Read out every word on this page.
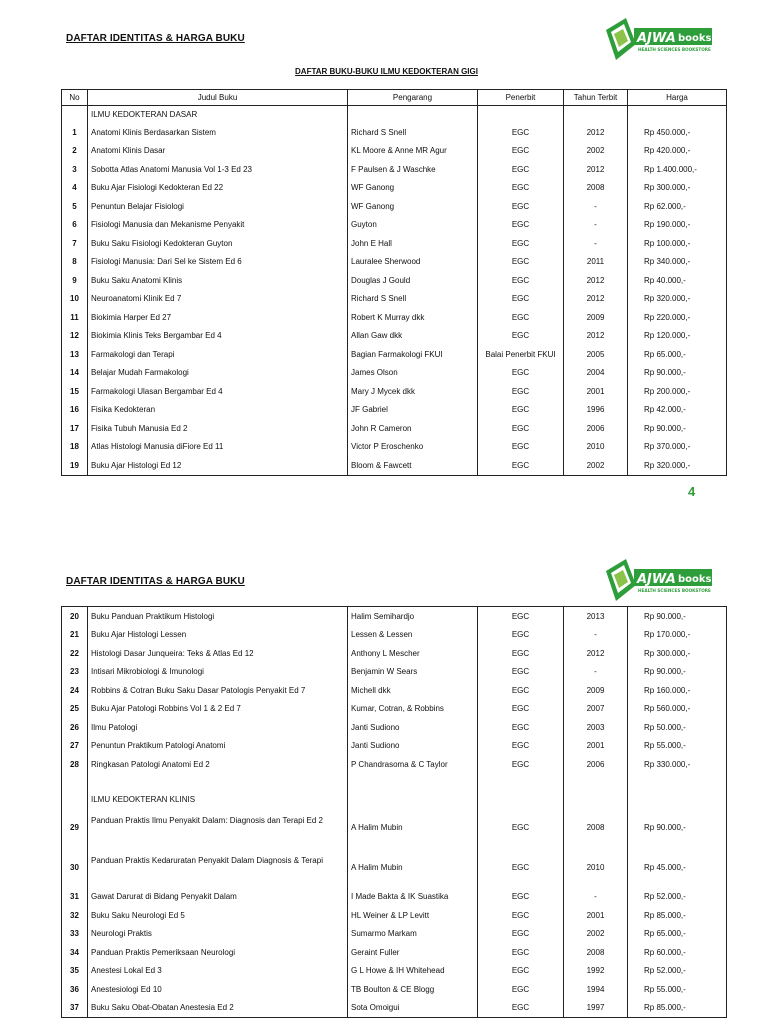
DAFTAR IDENTITAS & HARGA BUKU	AJWA books
HEALTH SCIENCES BOOKSTORE
DAFTAR BUKU-BUKU ILMU KEDOKTERAN GIGI
No	Judul Buku	Pengarang	Penerbit	Tahun Terbit	Harga
	ILMU KEDOKTERAN DASAR				
1	Anatomi Klinis Berdasarkan Sistem	Richard S Snell	EGC	2012	Rp 450.000,-
2	Anatomi Klinis Dasar	KL Moore & Anne MR Agur	EGC	2002	Rp 420.000,-
3	Sobotta Atlas Anatomi Manusia Vol 1-3 Ed 23	F Paulsen & J Waschke	EGC	2012	Rp 1.400.000,-
4	Buku Ajar Fisiologi Kedokteran Ed 22	WF Ganong	EGC	2008	Rp 300.000,-
5	Penuntun Belajar Fisiologi	WF Ganong	EGC	-	Rp 62.000,-
6	Fisiologi Manusia dan Mekanisme Penyakit	Guyton	EGC	-	Rp 190.000,-
7	Buku Saku Fisiologi Kedokteran Guyton	John E Hall	EGC	-	Rp 100.000,-
8	Fisiologi Manusia: Dari Sel ke Sistem Ed 6	Lauralee Sherwood	EGC	2011	Rp 340.000,-
9	Buku Saku Anatomi Klinis	Douglas J Gould	EGC	2012	Rp 40.000,-
10	Neuroanatomi Klinik Ed 7	Richard S Snell	EGC	2012	Rp 320.000,-
11	Biokimia Harper Ed 27	Robert K Murray dkk	EGC	2009	Rp 220.000,-
12	Biokimia Klinis Teks Bergambar Ed 4	Allan Gaw dkk	EGC	2012	Rp 120.000,-
13	Farmakologi dan Terapi	Bagian Farmakologi FKUI	Balai Penerbit FKUI	2005	Rp 65.000,-
14	Belajar Mudah Farmakologi	James Olson	EGC	2004	Rp 90.000,-
15	Farmakologi Ulasan Bergambar Ed 4	Mary J Mycek dkk	EGC	2001	Rp 200.000,-
16	Fisika Kedokteran	JF Gabriel	EGC	1996	Rp 42.000,-
17	Fisika Tubuh Manusia Ed 2	John R Cameron	EGC	2006	Rp 90.000,-
18	Atlas Histologi Manusia diFiore Ed 11	Victor P Eroschenko	EGC	2010	Rp 370.000,-
19	Buku Ajar Histologi Ed 12	Bloom & Fawcett	EGC	2002	Rp 320.000,-
4
DAFTAR IDENTITAS & HARGA BUKU	AJWA books
HEALTH SCIENCES BOOKSTORE
20	Buku Panduan Praktikum Histologi	Halim Semihardjo	EGC	2013	Rp 90.000,-
21	Buku Ajar Histologi Lessen	Lessen & Lessen	EGC	-	Rp 170.000,-
22	Histologi Dasar Junqueira: Teks & Atlas Ed 12	Anthony L Mescher	EGC	2012	Rp 300.000,-
23	Intisari Mikrobiologi & Imunologi	Benjamin W Sears	EGC	-	Rp 90.000,-
24	Robbins & Cotran Buku Saku Dasar Patologis Penyakit Ed 7	Michell dkk	EGC	2009	Rp 160.000,-
25	Buku Ajar Patologi Robbins Vol 1 & 2 Ed 7	Kumar, Cotran, & Robbins	EGC	2007	Rp 560.000,-
26	Ilmu Patologi	Janti Sudiono	EGC	2003	Rp 50.000,-
27	Penuntun Praktikum Patologi Anatomi	Janti Sudiono	EGC	2001	Rp 55.000,-
28	Ringkasan Patologi Anatomi Ed 2	P Chandrasoma & C Taylor	EGC	2006	Rp 330.000,-

	ILMU KEDOKTERAN KLINIS				
29	Panduan Praktis Ilmu Penyakit Dalam: Diagnosis dan Terapi Ed 2	A Halim Mubin	EGC	2008	Rp 90.000,-
30	Panduan Praktis Kedaruratan Penyakit Dalam Diagnosis & Terapi	A Halim Mubin	EGC	2010	Rp 45.000,-
31	Gawat Darurat di Bidang Penyakit Dalam	I Made Bakta & IK Suastika	EGC	-	Rp 52.000,-
32	Buku Saku Neurologi Ed 5	HL Weiner & LP Levitt	EGC	2001	Rp 85.000,-
33	Neurologi Praktis	Sumarmo Markam	EGC	2002	Rp 65.000,-
34	Panduan Praktis Pemeriksaan Neurologi	Geraint Fuller	EGC	2008	Rp 60.000,-
35	Anestesi Lokal Ed 3	G L Howe & IH Whitehead	EGC	1992	Rp 52.000,-
36	Anestesiologi Ed 10	TB Boulton & CE Blogg	EGC	1994	Rp 55.000,-
37	Buku Saku Obat-Obatan Anestesia Ed 2	Sota Omoigui	EGC	1997	Rp 85.000,-
